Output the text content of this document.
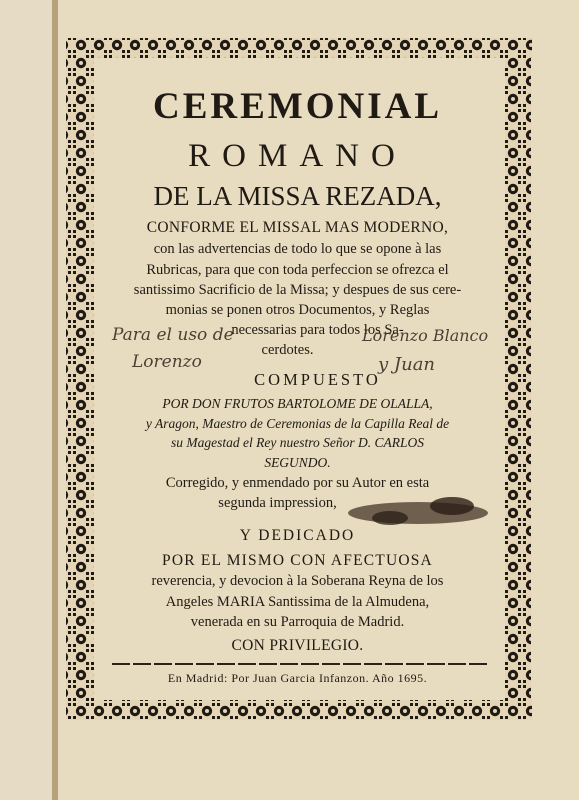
CEREMONIAL
ROMANO
DE LA MISSA REZADA,
CONFORME EL MISSAL MAS MODERNO,
con las advertencias de todo lo que se opone à las
Rubricas, para que con toda perfeccion se ofrezca el
santissimo Sacrificio de la Missa; y despues de sus cere-
monias se ponen otros Documentos, y Reglas
necessarias para todos los Sa-
cerdotes.
COMPUESTO
POR DON FRUTOS BARTOLOME DE OLALLA,
y Aragon, Maestro de Ceremonias de la Capilla Real de
su Magestad el Rey nuestro Señor D. CARLOS
SEGUNDO.
Corregido, y enmendado por su Autor en esta
segunda impression,
Y DEDICADO
POR EL MISMO CON AFECTUOSA
reverencia, y devocion à la Soberana Reyna de los
Angeles MARIA Santissima de la Almudena,
venerada en su Parroquia de Madrid.
CON PRIVILEGIO.
En Madrid: Por Juan Garcia Infanzon. Año 1695.
Para el uso de	Lorenzo Blanco
Lorenzo	y Juan
